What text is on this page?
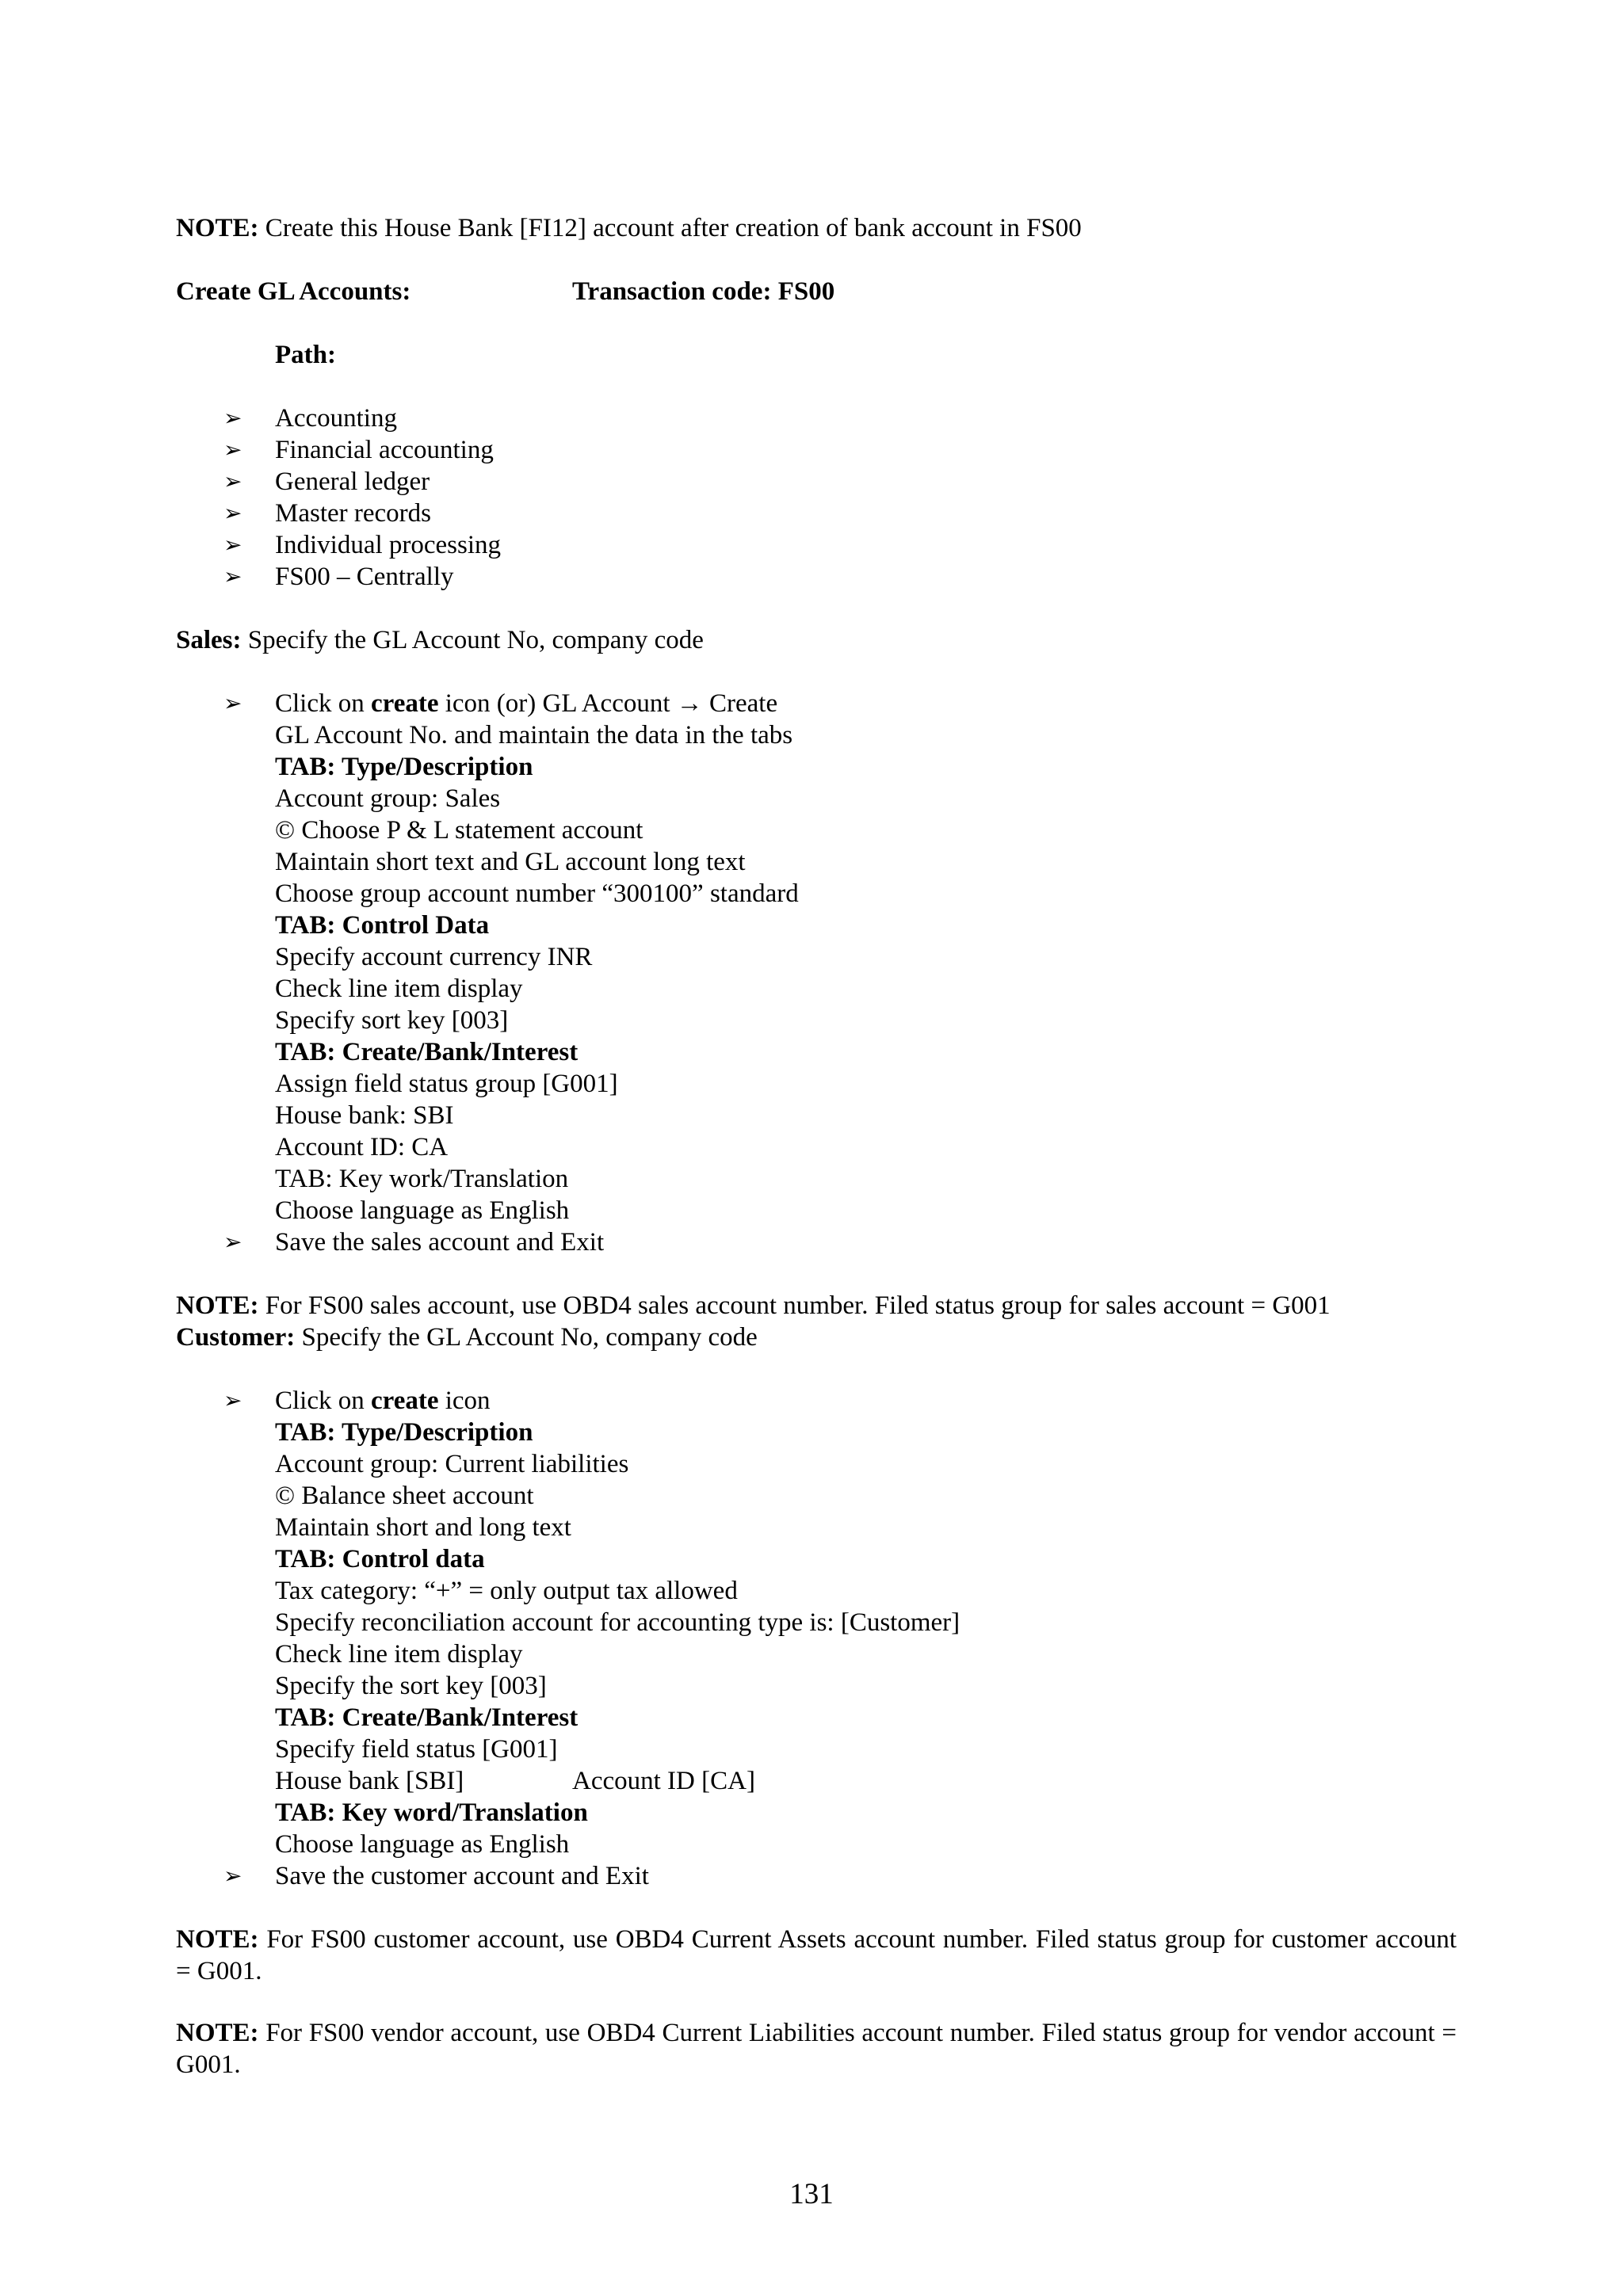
NOTE: Create this House Bank [FI12] account after creation of bank account in FS00
Create GL Accounts:	Transaction code: FS00
Path:
➢ Accounting
➢ Financial accounting
➢ General ledger
➢ Master records
➢ Individual processing
➢ FS00 – Centrally
Sales: Specify the GL Account No, company code
➢ Click on create icon (or) GL Account → Create
GL Account No. and maintain the data in the tabs
TAB: Type/Description
Account group: Sales
© Choose P & L statement account
Maintain short text and GL account long text
Choose group account number “300100” standard
TAB: Control Data
Specify account currency INR
Check line item display
Specify sort key [003]
TAB: Create/Bank/Interest
Assign field status group [G001]
House bank: SBI
Account ID: CA
TAB: Key work/Translation
Choose language as English
➢ Save the sales account and Exit
NOTE: For FS00 sales account, use OBD4 sales account number. Filed status group for sales account = G001
Customer: Specify the GL Account No, company code
➢ Click on create icon
TAB: Type/Description
Account group: Current liabilities
© Balance sheet account
Maintain short and long text
TAB: Control data
Tax category: “+” = only output tax allowed
Specify reconciliation account for accounting type is: [Customer]
Check line item display
Specify the sort key [003]
TAB: Create/Bank/Interest
Specify field status [G001]
House bank [SBI]	Account ID [CA]
TAB: Key word/Translation
Choose language as English
➢ Save the customer account and Exit
NOTE: For FS00 customer account, use OBD4 Current Assets account number. Filed status group for customer account = G001.
NOTE: For FS00 vendor account, use OBD4 Current Liabilities account number. Filed status group for vendor account = G001.
131
